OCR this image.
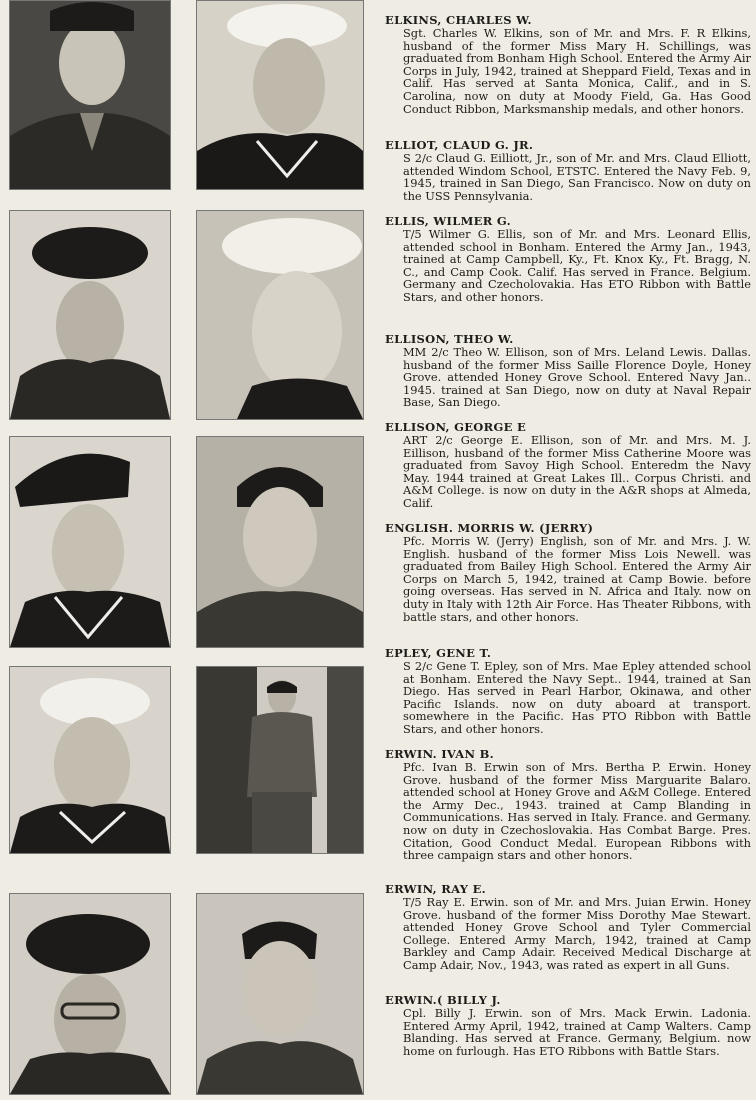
ELKINS, CHARLES W.

Sgt. Charles W. Elkins, son of Mr. and Mrs. F. R Elkins, husband of the former Miss Mary H. Schillings, was graduated from Bonham High School. Entered the Army Air Corps in July, 1942, trained at Sheppard Field, Texas and in Calif. Has served at Santa Monica, Calif., and in S. Carolina, now on duty at Moody Field, Ga. Has Good Conduct Ribbon, Marksmanship medals, and other honors.

ELLIOT, CLAUD G. JR.

S 2/c Claud G. Eilliott, Jr., son of Mr. and Mrs. Claud Elliott, attended Windom School, ETSTC. Entered the Navy Feb. 9, 1945, trained in San Diego, San Francisco. Now on duty on the USS Pennsylvania.

ELLIS, WILMER G.

T/5 Wilmer G. Ellis, son of Mr. and Mrs. Leonard Ellis, attended school in Bonham. Entered the Army Jan., 1943, trained at Camp Campbell, Ky., Ft. Knox Ky., Ft. Bragg, N. C., and Camp Cook. Calif. Has served in France. Belgium. Germany and Czecholovakia. Has ETO Ribbon with Battle Stars, and other honors.

ELLISON, THEO W.

MM 2/c Theo W. Ellison, son of Mrs. Leland Lewis. Dallas. husband of the former Miss Saille Florence Doyle, Honey Grove. attended Honey Grove School. Entered Navy Jan.. 1945. trained at San Diego, now on duty at Naval Repair Base, San Diego.

ELLISON, GEORGE E

ART 2/c George E. Ellison, son of Mr. and Mrs. M. J. Eillison, husband of the former Miss Catherine Moore was graduated from Savoy High School. Enteredm the Navy May. 1944 trained at Great Lakes Ill.. Corpus Christi. and A&M College. is now on duty in the A&R shops at Almeda, Calif.

ENGLISH. MORRIS W. (JERRY)

Pfc. Morris W. (Jerry) English, son of Mr. and Mrs. J. W. English. husband of the former Miss Lois Newell. was graduated from Bailey High School. Entered the Army Air Corps on March 5, 1942, trained at Camp Bowie. before going overseas. Has served in N. Africa and Italy. now on duty in Italy with 12th Air Force. Has Theater Ribbons, with battle stars, and other honors.

EPLEY, GENE T.

S 2/c Gene T. Epley, son of Mrs. Mae Epley attended school at Bonham. Entered the Navy Sept.. 1944, trained at San Diego. Has served in Pearl Harbor, Okinawa, and other Pacific Islands. now on duty aboard at transport. somewhere in the Pacific. Has PTO Ribbon with Battle Stars, and other honors.

ERWIN. IVAN B.

Pfc. Ivan B. Erwin son of Mrs. Bertha P. Erwin. Honey Grove. husband of the former Miss Marguarite Balaro. attended school at Honey Grove and A&M College. Entered the Army Dec., 1943. trained at Camp Blanding in Communications. Has served in Italy. France. and Germany. now on duty in Czechoslovakia. Has Combat Barge. Pres. Citation, Good Conduct Medal. European Ribbons with three campaign stars and other honors.

ERWIN, RAY E.

T/5 Ray E. Erwin. son of Mr. and Mrs. Juian Erwin. Honey Grove. husband of the former Miss Dorothy Mae Stewart. attended Honey Grove School and Tyler Commercial College. Entered Army March, 1942, trained at Camp Barkley and Camp Adair. Received Medical Discharge at Camp Adair, Nov., 1943, was rated as expert in all Guns.

ERWIN.( BILLY J.

Cpl. Billy J. Erwin. son of Mrs. Mack Erwin. Ladonia. Entered Army April, 1942, trained at Camp Walters. Camp Blanding. Has served at France. Germany, Belgium. now home on furlough. Has ETO Ribbons with Battle Stars.
